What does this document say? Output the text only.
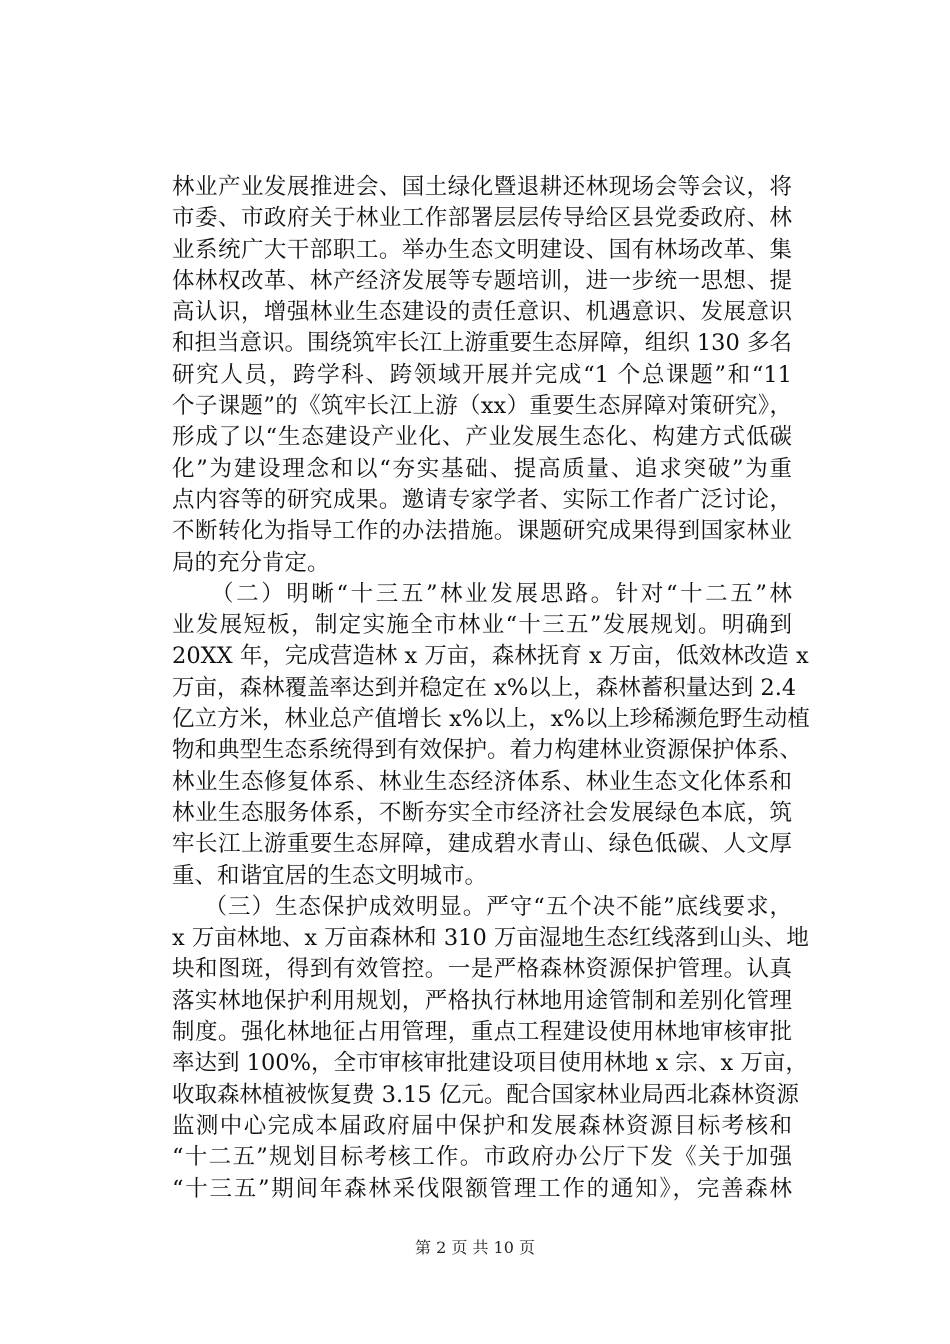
林业产业发展推进会、国土绿化暨退耕还林现场会等会议，将
市委、市政府关于林业工作部署层层传导给区县党委政府、林
业系统广大干部职工。举办生态文明建设、国有林场改革、集
体林权改革、林产经济发展等专题培训，进一步统一思想、提
高认识，增强林业生态建设的责任意识、机遇意识、发展意识
和担当意识。围绕筑牢长江上游重要生态屏障，组织 130 多名
研究人员，跨学科、跨领域开展并完成“1 个总课题”和“11
个子课题”的《筑牢长江上游（xx）重要生态屏障对策研究》，
形成了以“生态建设产业化、产业发展生态化、构建方式低碳
化”为建设理念和以“夯实基础、提高质量、追求突破”为重
点内容等的研究成果。邀请专家学者、实际工作者广泛讨论，
不断转化为指导工作的办法措施。课题研究成果得到国家林业
局的充分肯定。
（二）明晰“十三五”林业发展思路。针对“十二五”林
业发展短板，制定实施全市林业“十三五”发展规划。明确到
20XX 年，完成营造林 x 万亩，森林抚育 x 万亩，低效林改造 x
万亩，森林覆盖率达到并稳定在 x%以上，森林蓄积量达到 2.4
亿立方米，林业总产值增长 x%以上，x%以上珍稀濒危野生动植
物和典型生态系统得到有效保护。着力构建林业资源保护体系、
林业生态修复体系、林业生态经济体系、林业生态文化体系和
林业生态服务体系，不断夯实全市经济社会发展绿色本底，筑
牢长江上游重要生态屏障，建成碧水青山、绿色低碳、人文厚
重、和谐宜居的生态文明城市。
（三）生态保护成效明显。严守“五个决不能”底线要求，
x 万亩林地、x 万亩森林和 310 万亩湿地生态红线落到山头、地
块和图斑，得到有效管控。一是严格森林资源保护管理。认真
落实林地保护利用规划，严格执行林地用途管制和差别化管理
制度。强化林地征占用管理，重点工程建设使用林地审核审批
率达到 100%，全市审核审批建设项目使用林地 x 宗、x 万亩，
收取森林植被恢复费 3.15 亿元。配合国家林业局西北森林资源
监测中心完成本届政府届中保护和发展森林资源目标考核和
“十二五”规划目标考核工作。市政府办公厅下发《关于加强
“十三五”期间年森林采伐限额管理工作的通知》，完善森林
第 2 页 共 10 页
